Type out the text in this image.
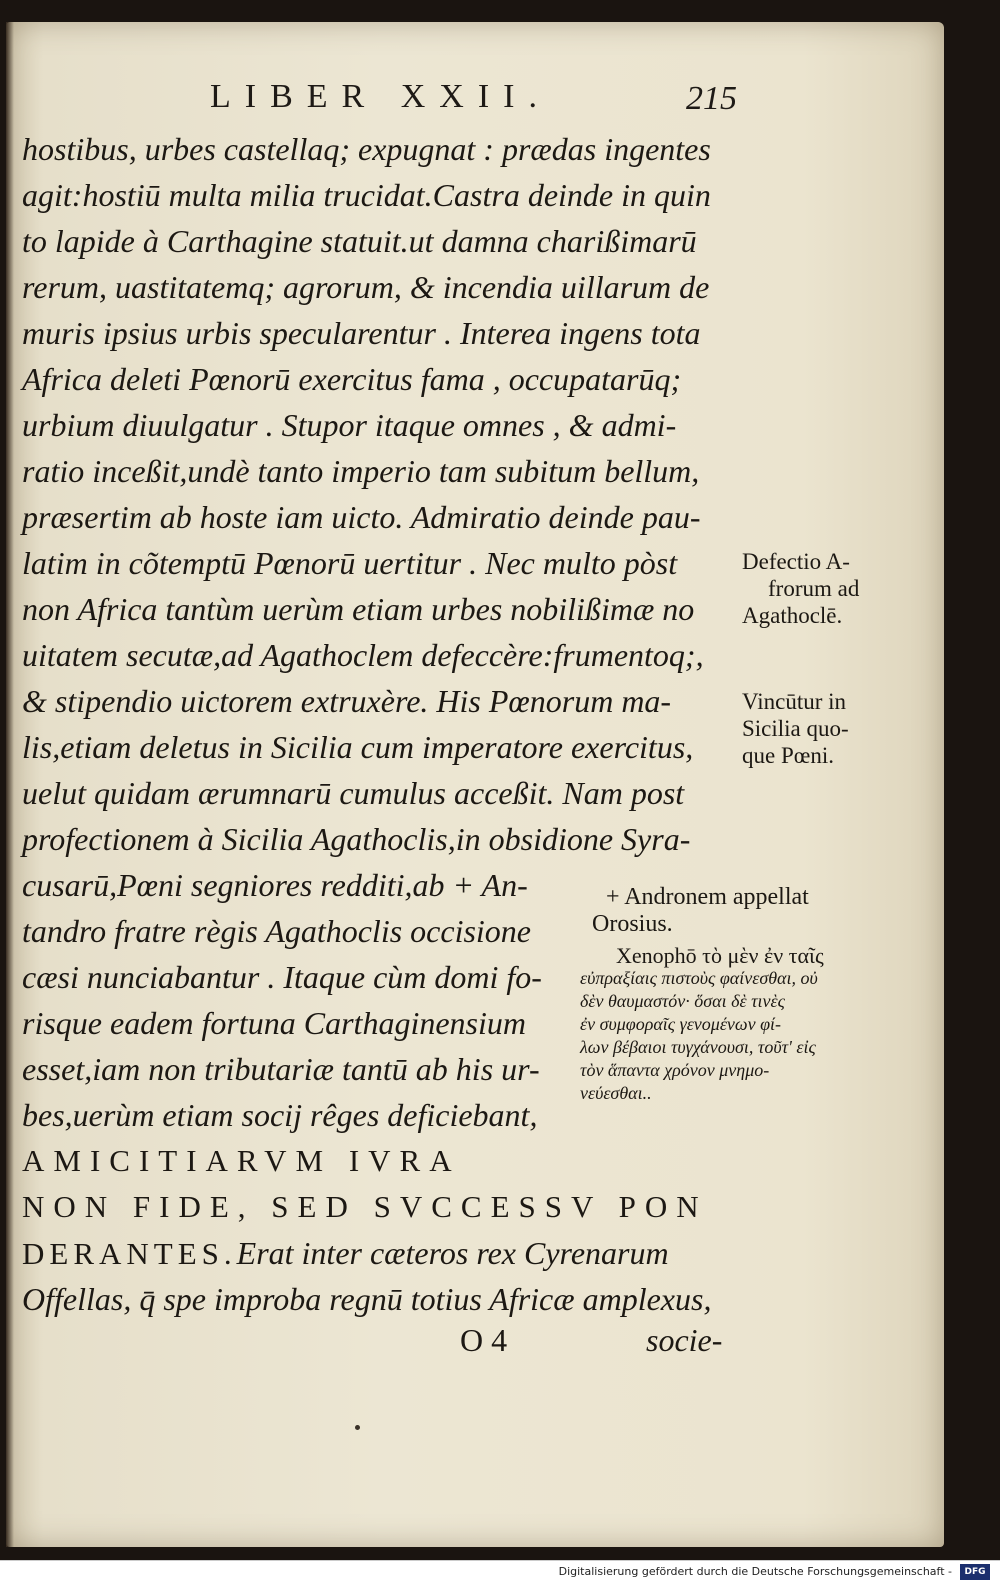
LIBER XXII.	215
hostibus, urbes castellaq; expugnat : prædas ingentes
agit:hostiū multa milia trucidat.Castra deinde in quin
to lapide à Carthagine statuit.ut damna charißimarū
rerum, uastitatemq; agrorum, & incendia uillarum de
muris ipsius urbis specularentur . Interea ingens tota
Africa deleti Pœnorū exercitus fama , occupatarūq;
urbium diuulgatur . Stupor itaque omnes , & admi-
ratio inceßit,undè tanto imperio tam subitum bellum,
præsertim ab hoste iam uicto. Admiratio deinde pau-
latim in cõtemptū Pœnorū uertitur . Nec multo pòst
non Africa tantùm uerùm etiam urbes nobilißimæ no
uitatem secutæ,ad Agathoclem defeccère:frumentoq;,
& stipendio uictorem extruxère. His Pœnorum ma-
lis,etiam deletus in Sicilia cum imperatore exercitus,
uelut quidam ærumnarū cumulus acceßit. Nam post
profectionem à Sicilia Agathoclis,in obsidione Syra-
cusarū,Pœni segniores redditi,ab + An-
tandro fratre règis Agathoclis occisione
cæsi nunciabantur . Itaque cùm domi fo-
risque eadem fortuna Carthaginensium
esset,iam non tributariæ tantū ab his ur-
bes,uerùm etiam socij rêges deficiebant,
AMICITIARVM IVRA
NON FIDE, SED SVCCESSV PON
DERANTES.Erat inter cæteros rex Cyrenarum
Offellas, q̄ spe improba regnū totius Africæ amplexus,
Defectio A-
frorum ad
Agathoclē.
Vincūtur in
Sicilia quo-
que Pœni.
+ Andronem appellat
Orosius.
Xenophō τὸ μὲν ἐν ταῖς
εὐπραξίαις πιστοὺς φαίνεσθαι, οὐ
δὲν θαυμαστόν· ὅσαι δὲ τινὲς
ἐν συμφοραῖς γενομένων φί-
λων βέβαιοι τυγχάνουσι, τοῦτ' εἰς
τὸν ἅπαντα χρόνον μνημο-
νεύεσθαι..
O 4	socie-
Digitalisierung gefördert durch die Deutsche Forschungsgemeinschaft -	DFG
